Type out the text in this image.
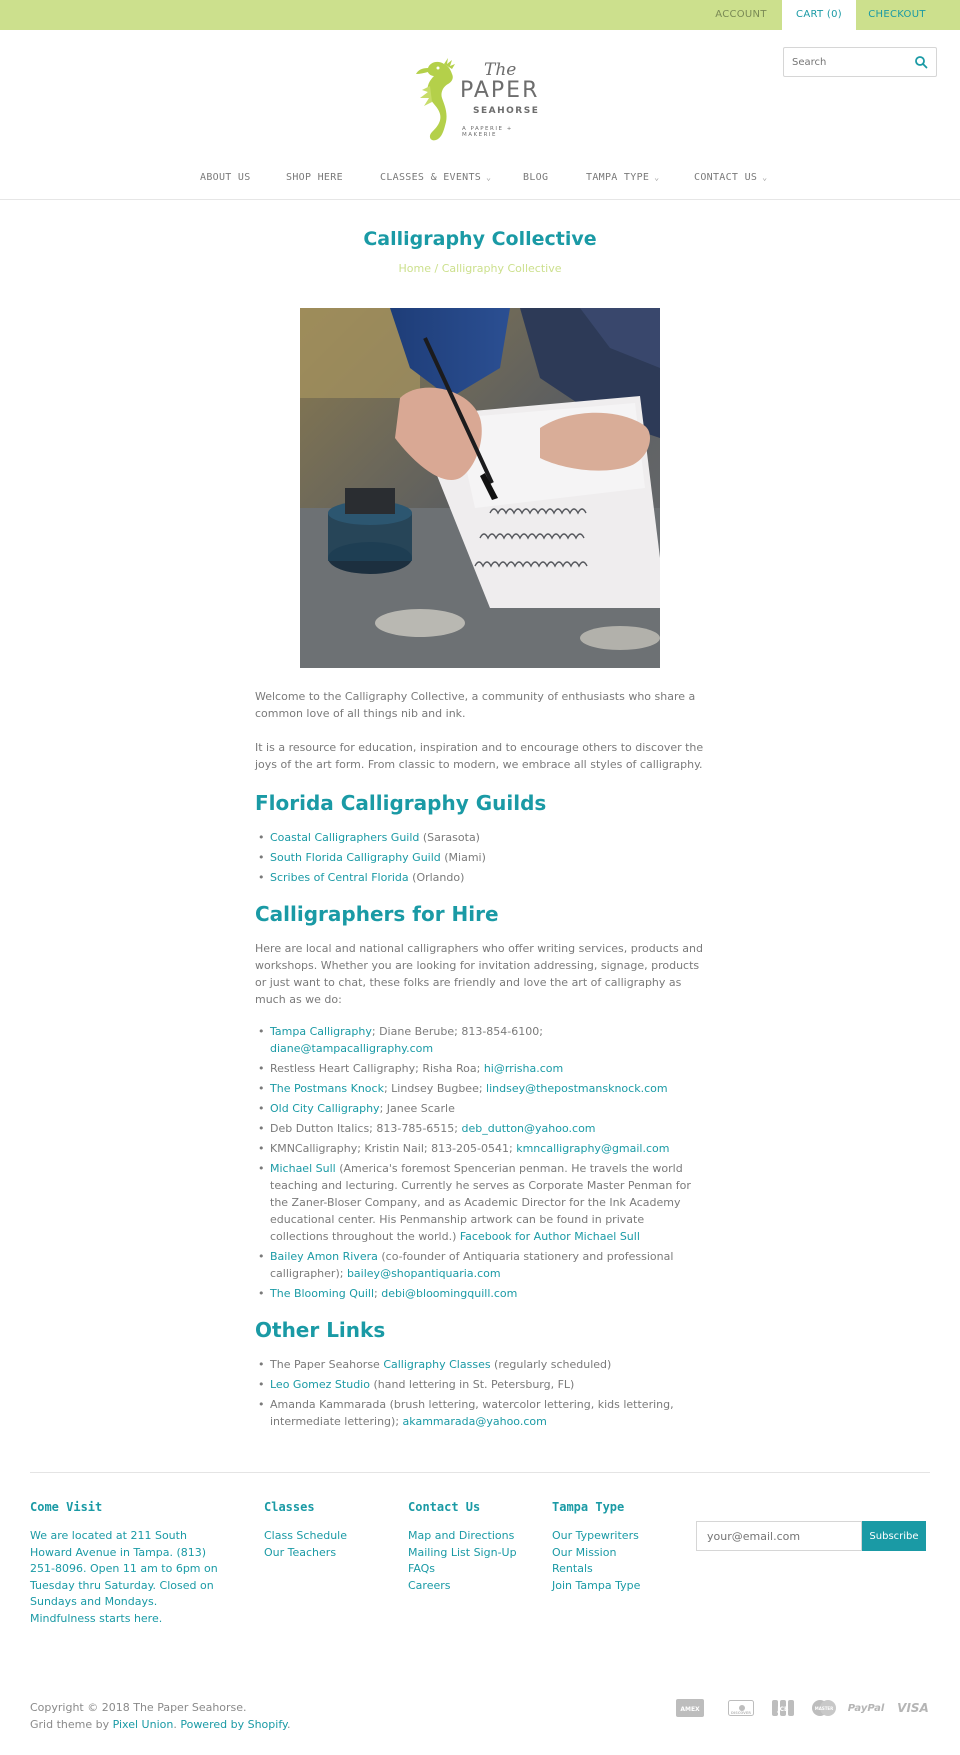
ACCOUNT	CART (0)	CHECKOUT
Search
The
PAPER
SEAHORSE
A PAPERIE + MAKERIE
ABOUT US	SHOP HERE	CLASSES & EVENTS ⌄	BLOG	TAMPA TYPE ⌄	CONTACT US ⌄
Calligraphy Collective
Home / Calligraphy Collective

Welcome to the Calligraphy Collective, a community of enthusiasts who share a common love of all things nib and ink.

It is a resource for education, inspiration and to encourage others to discover the joys of the art form. From classic to modern, we embrace all styles of calligraphy.

Florida Calligraphy Guilds
• Coastal Calligraphers Guild (Sarasota)
• South Florida Calligraphy Guild (Miami)
• Scribes of Central Florida (Orlando)
Calligraphers for Hire

Here are local and national calligraphers who offer writing services, products and workshops. Whether you are looking for invitation addressing, signage, products or just want to chat, these folks are friendly and love the art of calligraphy as much as we do:

• Tampa Calligraphy; Diane Berube; 813-854-6100; diane@tampacalligraphy.com
• Restless Heart Calligraphy; Risha Roa; hi@rrisha.com
• The Postmans Knock; Lindsey Bugbee; lindsey@thepostmansknock.com
• Old City Calligraphy; Janee Scarle
• Deb Dutton Italics; 813-785-6515; deb_dutton@yahoo.com
• KMNCalligraphy; Kristin Nail; 813-205-0541; kmncalligraphy@gmail.com
• Michael Sull (America's foremost Spencerian penman. He travels the world teaching and lecturing. Currently he serves as Corporate Master Penman for the Zaner-Bloser Company, and as Academic Director for the Ink Academy educational center. His Penmanship artwork can be found in private collections throughout the world.) Facebook for Author Michael Sull
• Bailey Amon Rivera (co-founder of Antiquaria stationery and professional calligrapher); bailey@shopantiquaria.com
• The Blooming Quill; debi@bloomingquill.com
Other Links
• The Paper Seahorse Calligraphy Classes (regularly scheduled)
• Leo Gomez Studio (hand lettering in St. Petersburg, FL)
• Amanda Kammarada (brush lettering, watercolor lettering, kids lettering, intermediate lettering); akammarada@yahoo.com
Come Visit

We are located at 211 South Howard Avenue in Tampa. (813) 251-8096. Open 11 am to 6pm on Tuesday thru Saturday. Closed on Sundays and Mondays. Mindfulness starts here.

Classes
Class Schedule
Our Teachers
Contact Us
Map and Directions
Mailing List Sign-Up
FAQs
Careers
Tampa Type
Our Typewriters
Our Mission
Rentals
Join Tampa Type
your@email.com
Subscribe
Copyright © 2018 The Paper Seahorse.
Grid theme by Pixel Union. Powered by Shopify.
AMEX	DISCOVER	JCB	MASTER PayPal VISA
